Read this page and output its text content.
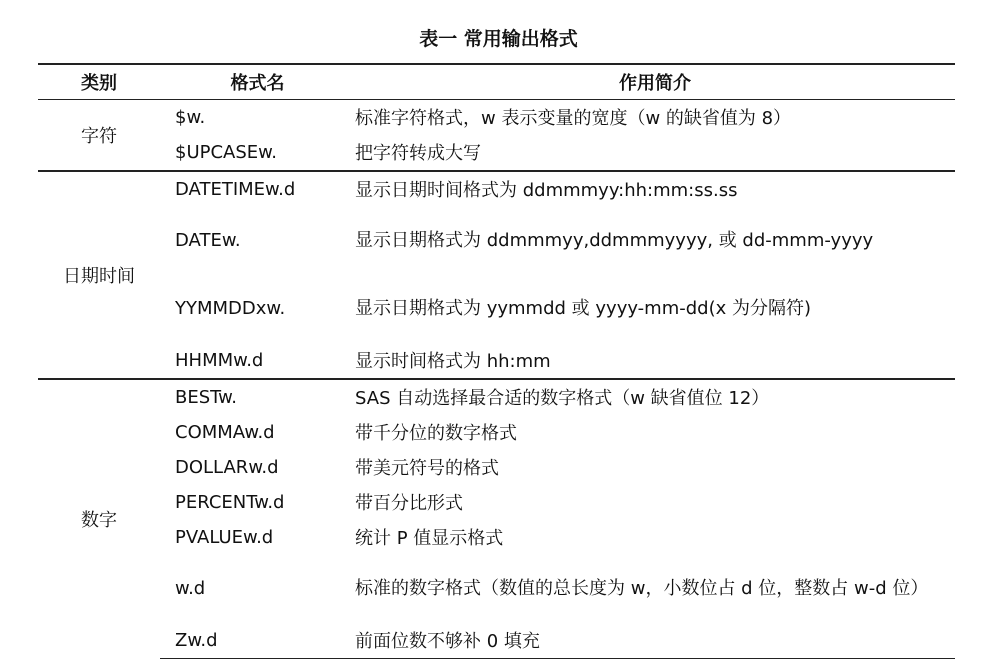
表一 常用输出格式
类别	格式名	作用简介
字符	$w.	标准字符格式，w 表示变量的宽度（w 的缺省值为 8）
	$UPCASEw.	把字符转成大写
日期时间	DATETIMEw.d	显示日期时间格式为 ddmmmyy:hh:mm:ss.ss
	DATEw.	显示日期格式为 ddmmmyy,ddmmmyyyy, 或 dd-mmm-yyyy
	YYMMDDxw.	显示日期格式为 yymmdd 或 yyyy-mm-dd(x 为分隔符)
	HHMMw.d	显示时间格式为 hh:mm
数字	BESTw.	SAS 自动选择最合适的数字格式（w 缺省值位 12）
	COMMAw.d	带千分位的数字格式
	DOLLARw.d	带美元符号的格式
	PERCENTw.d	带百分比形式
	PVALUEw.d	统计 P 值显示格式
	w.d	标准的数字格式（数值的总长度为 w，小数位占 d 位，整数占 w-d 位）
	Zw.d	前面位数不够补 0 填充
